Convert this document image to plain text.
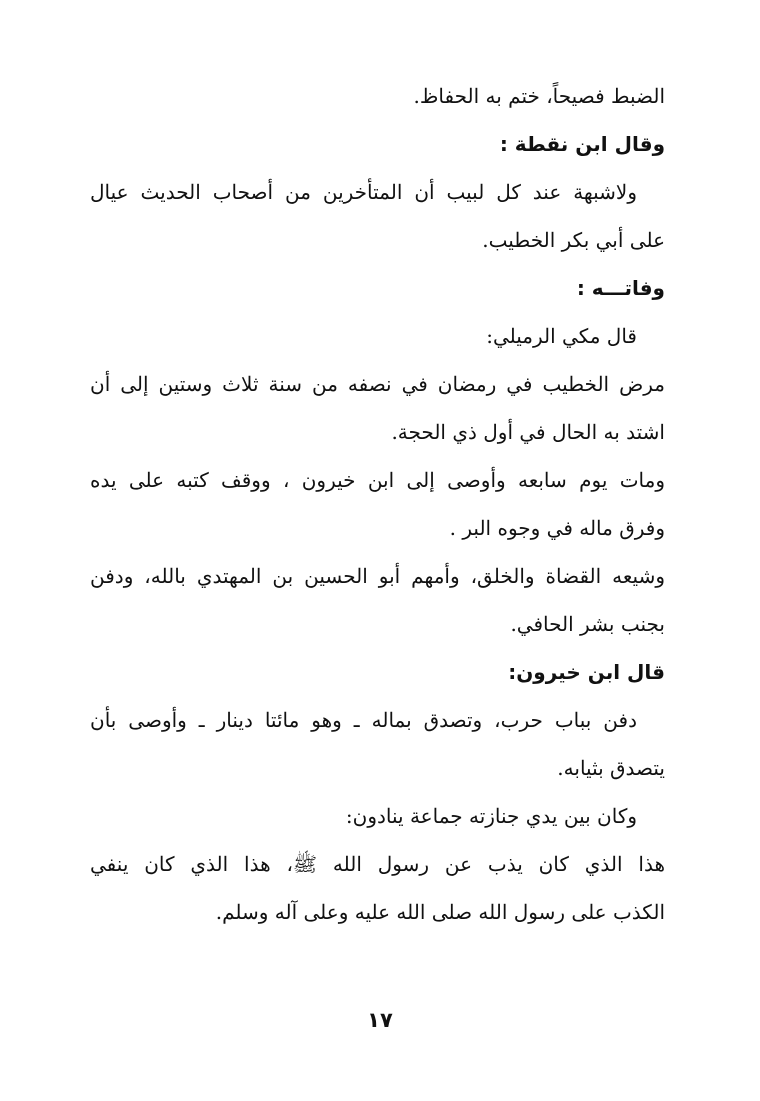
الضبط فصيحاً، ختم به الحفاظ.
وقال ابن نقطة :
ولاشبهة عند كل لبيب أن المتأخرين من أصحاب الحديث عيال
على أبي بكر الخطيب.
وفاتـــه :
قال مكي الرميلي:
مرض الخطيب في رمضان في نصفه من سنة ثلاث وستين إلى أن
اشتد به الحال في أول ذي الحجة.
ومات يوم سابعه وأوصى إلى ابن خيرون ، ووقف كتبه على يده
وفرق ماله في وجوه البر .
وشيعه القضاة والخلق، وأمهم أبو الحسين بن المهتدي بالله، ودفن
بجنب بشر الحافي.
قال ابن خيرون:
دفن بباب حرب، وتصدق بماله ـ وهو مائتا دينار ـ وأوصى بأن
يتصدق بثيابه.
وكان بين يدي جنازته جماعة ينادون:
هذا الذي كان يذب عن رسول الله ﷺ، هذا الذي كان ينفي
الكذب على رسول الله صلى الله عليه وعلى آله وسلم.
١٧
